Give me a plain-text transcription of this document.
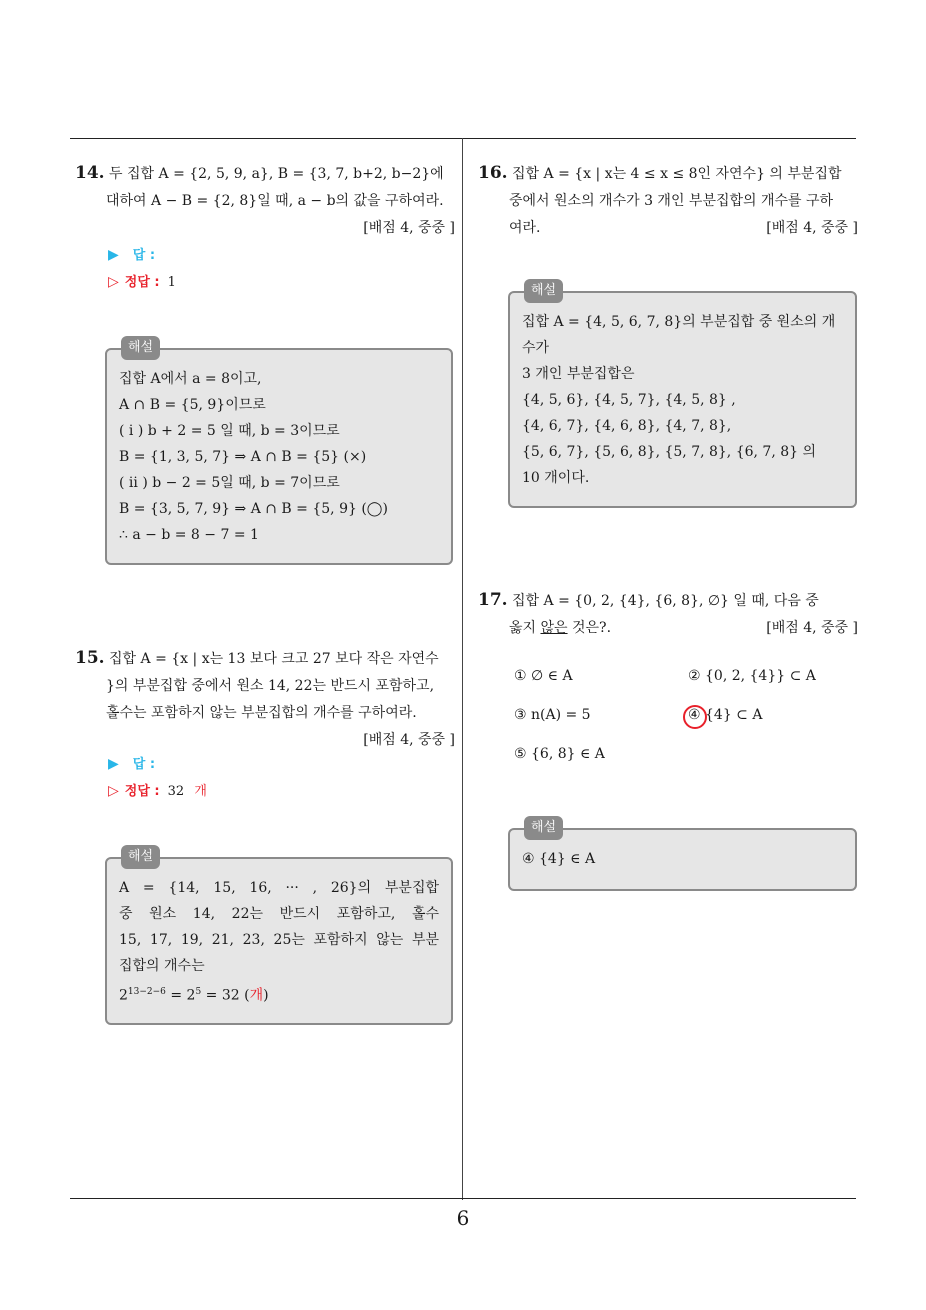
6
14. 두 집합 A = {2, 5, 9, a}, B = {3, 7, b+2, b−2}에
대하여 A − B = {2, 8}일 때, a − b의 값을 구하여라.
[배점 4, 중중 ]
▶ 답 :
▷ 정답 : 1
해설
집합 A에서 a = 8이고,
A ∩ B = {5, 9}이므로
( i ) b + 2 = 5 일 때, b = 3이므로
B = {1, 3, 5, 7} ⇒ A ∩ B = {5} (×)
( ii ) b − 2 = 5일 때, b = 7이므로
B = {3, 5, 7, 9} ⇒ A ∩ B = {5, 9} (◯)
∴ a − b = 8 − 7 = 1
15. 집합 A = {x | x는 13 보다 크고 27 보다 작은 자연수
}의 부분집합 중에서 원소 14, 22는 반드시 포함하고,
홀수는 포함하지 않는 부분집합의 개수를 구하여라.
[배점 4, 중중 ]
▶ 답 :
▷ 정답 : 32 개
해설
A = {14, 15, 16, ··· , 26}의 부분집합
중 원소 14, 22는 반드시 포함하고, 홀수
15, 17, 19, 21, 23, 25는 포함하지 않는 부분
집합의 개수는
$2^{13-2-6} = 2^5 = 32$ (개)
16. 집합 A = {x | x는 4 ≤ x ≤ 8인 자연수} 의 부분집합
중에서 원소의 개수가 3 개인 부분집합의 개수를 구하
여라.	[배점 4, 중중 ]
해설
집합 A = {4, 5, 6, 7, 8}의 부분집합 중 원소의 개
수가
3 개인 부분집합은
{4, 5, 6}, {4, 5, 7}, {4, 5, 8} ,
{4, 6, 7}, {4, 6, 8}, {4, 7, 8},
{5, 6, 7}, {5, 6, 8}, {5, 7, 8}, {6, 7, 8} 의
10 개이다.
17. 집합 A = {0, 2, {4}, {6, 8}, ∅} 일 때, 다음 중
옳지 않은 것은?.	[배점 4, 중중 ]
① ∅ ∈ A	② {0, 2, {4}} ⊂ A
③ n(A) = 5	④ {4} ⊂ A
⑤ {6, 8} ∈ A
해설
④ {4} ∈ A
